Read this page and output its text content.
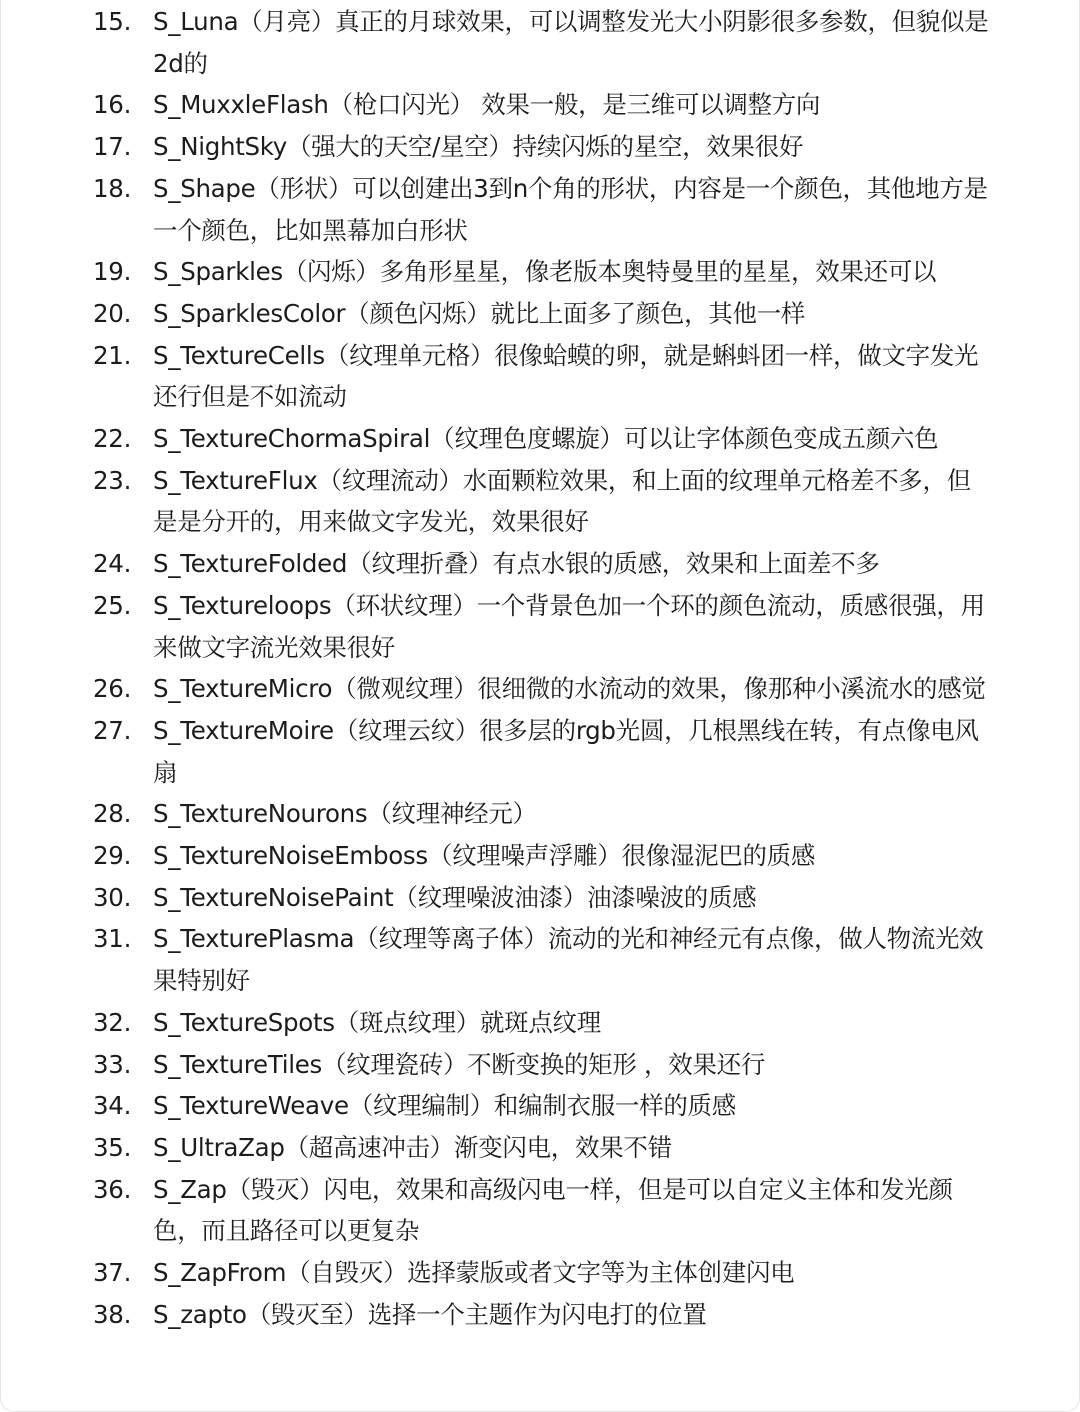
15. S_Luna（月亮）真正的月球效果，可以调整发光大小阴影很多参数，但貌似是2d的
16. S_MuxxleFlash（枪口闪光） 效果一般，是三维可以调整方向
17. S_NightSky（强大的天空/星空）持续闪烁的星空，效果很好
18. S_Shape（形状）可以创建出3到n个角的形状，内容是一个颜色，其他地方是一个颜色，比如黑幕加白形状
19. S_Sparkles（闪烁）多角形星星，像老版本奥特曼里的星星，效果还可以
20. S_SparklesColor（颜色闪烁）就比上面多了颜色，其他一样
21. S_TextureCells（纹理单元格）很像蛤蟆的卵，就是蝌蚪团一样，做文字发光还行但是不如流动
22. S_TextureChormaSpiral（纹理色度螺旋）可以让字体颜色变成五颜六色
23. S_TextureFlux（纹理流动）水面颗粒效果，和上面的纹理单元格差不多，但是是分开的，用来做文字发光，效果很好
24. S_TextureFolded（纹理折叠）有点水银的质感，效果和上面差不多
25. S_Textureloops（环状纹理）一个背景色加一个环的颜色流动，质感很强，用来做文字流光效果很好
26. S_TextureMicro（微观纹理）很细微的水流动的效果，像那种小溪流水的感觉
27. S_TextureMoire（纹理云纹）很多层的rgb光圆，几根黑线在转，有点像电风扇
28. S_TextureNourons（纹理神经元）
29. S_TextureNoiseEmboss（纹理噪声浮雕）很像湿泥巴的质感
30. S_TextureNoisePaint（纹理噪波油漆）油漆噪波的质感
31. S_TexturePlasma（纹理等离子体）流动的光和神经元有点像，做人物流光效果特别好
32. S_TextureSpots（斑点纹理）就斑点纹理
33. S_TextureTiles（纹理瓷砖）不断变换的矩形 ，效果还行
34. S_TextureWeave（纹理编制）和编制衣服一样的质感
35. S_UltraZap（超高速冲击）渐变闪电，效果不错
36. S_Zap（毁灭）闪电，效果和高级闪电一样，但是可以自定义主体和发光颜色，而且路径可以更复杂
37. S_ZapFrom（自毁灭）选择蒙版或者文字等为主体创建闪电
38. S_zapto（毁灭至）选择一个主题作为闪电打的位置
